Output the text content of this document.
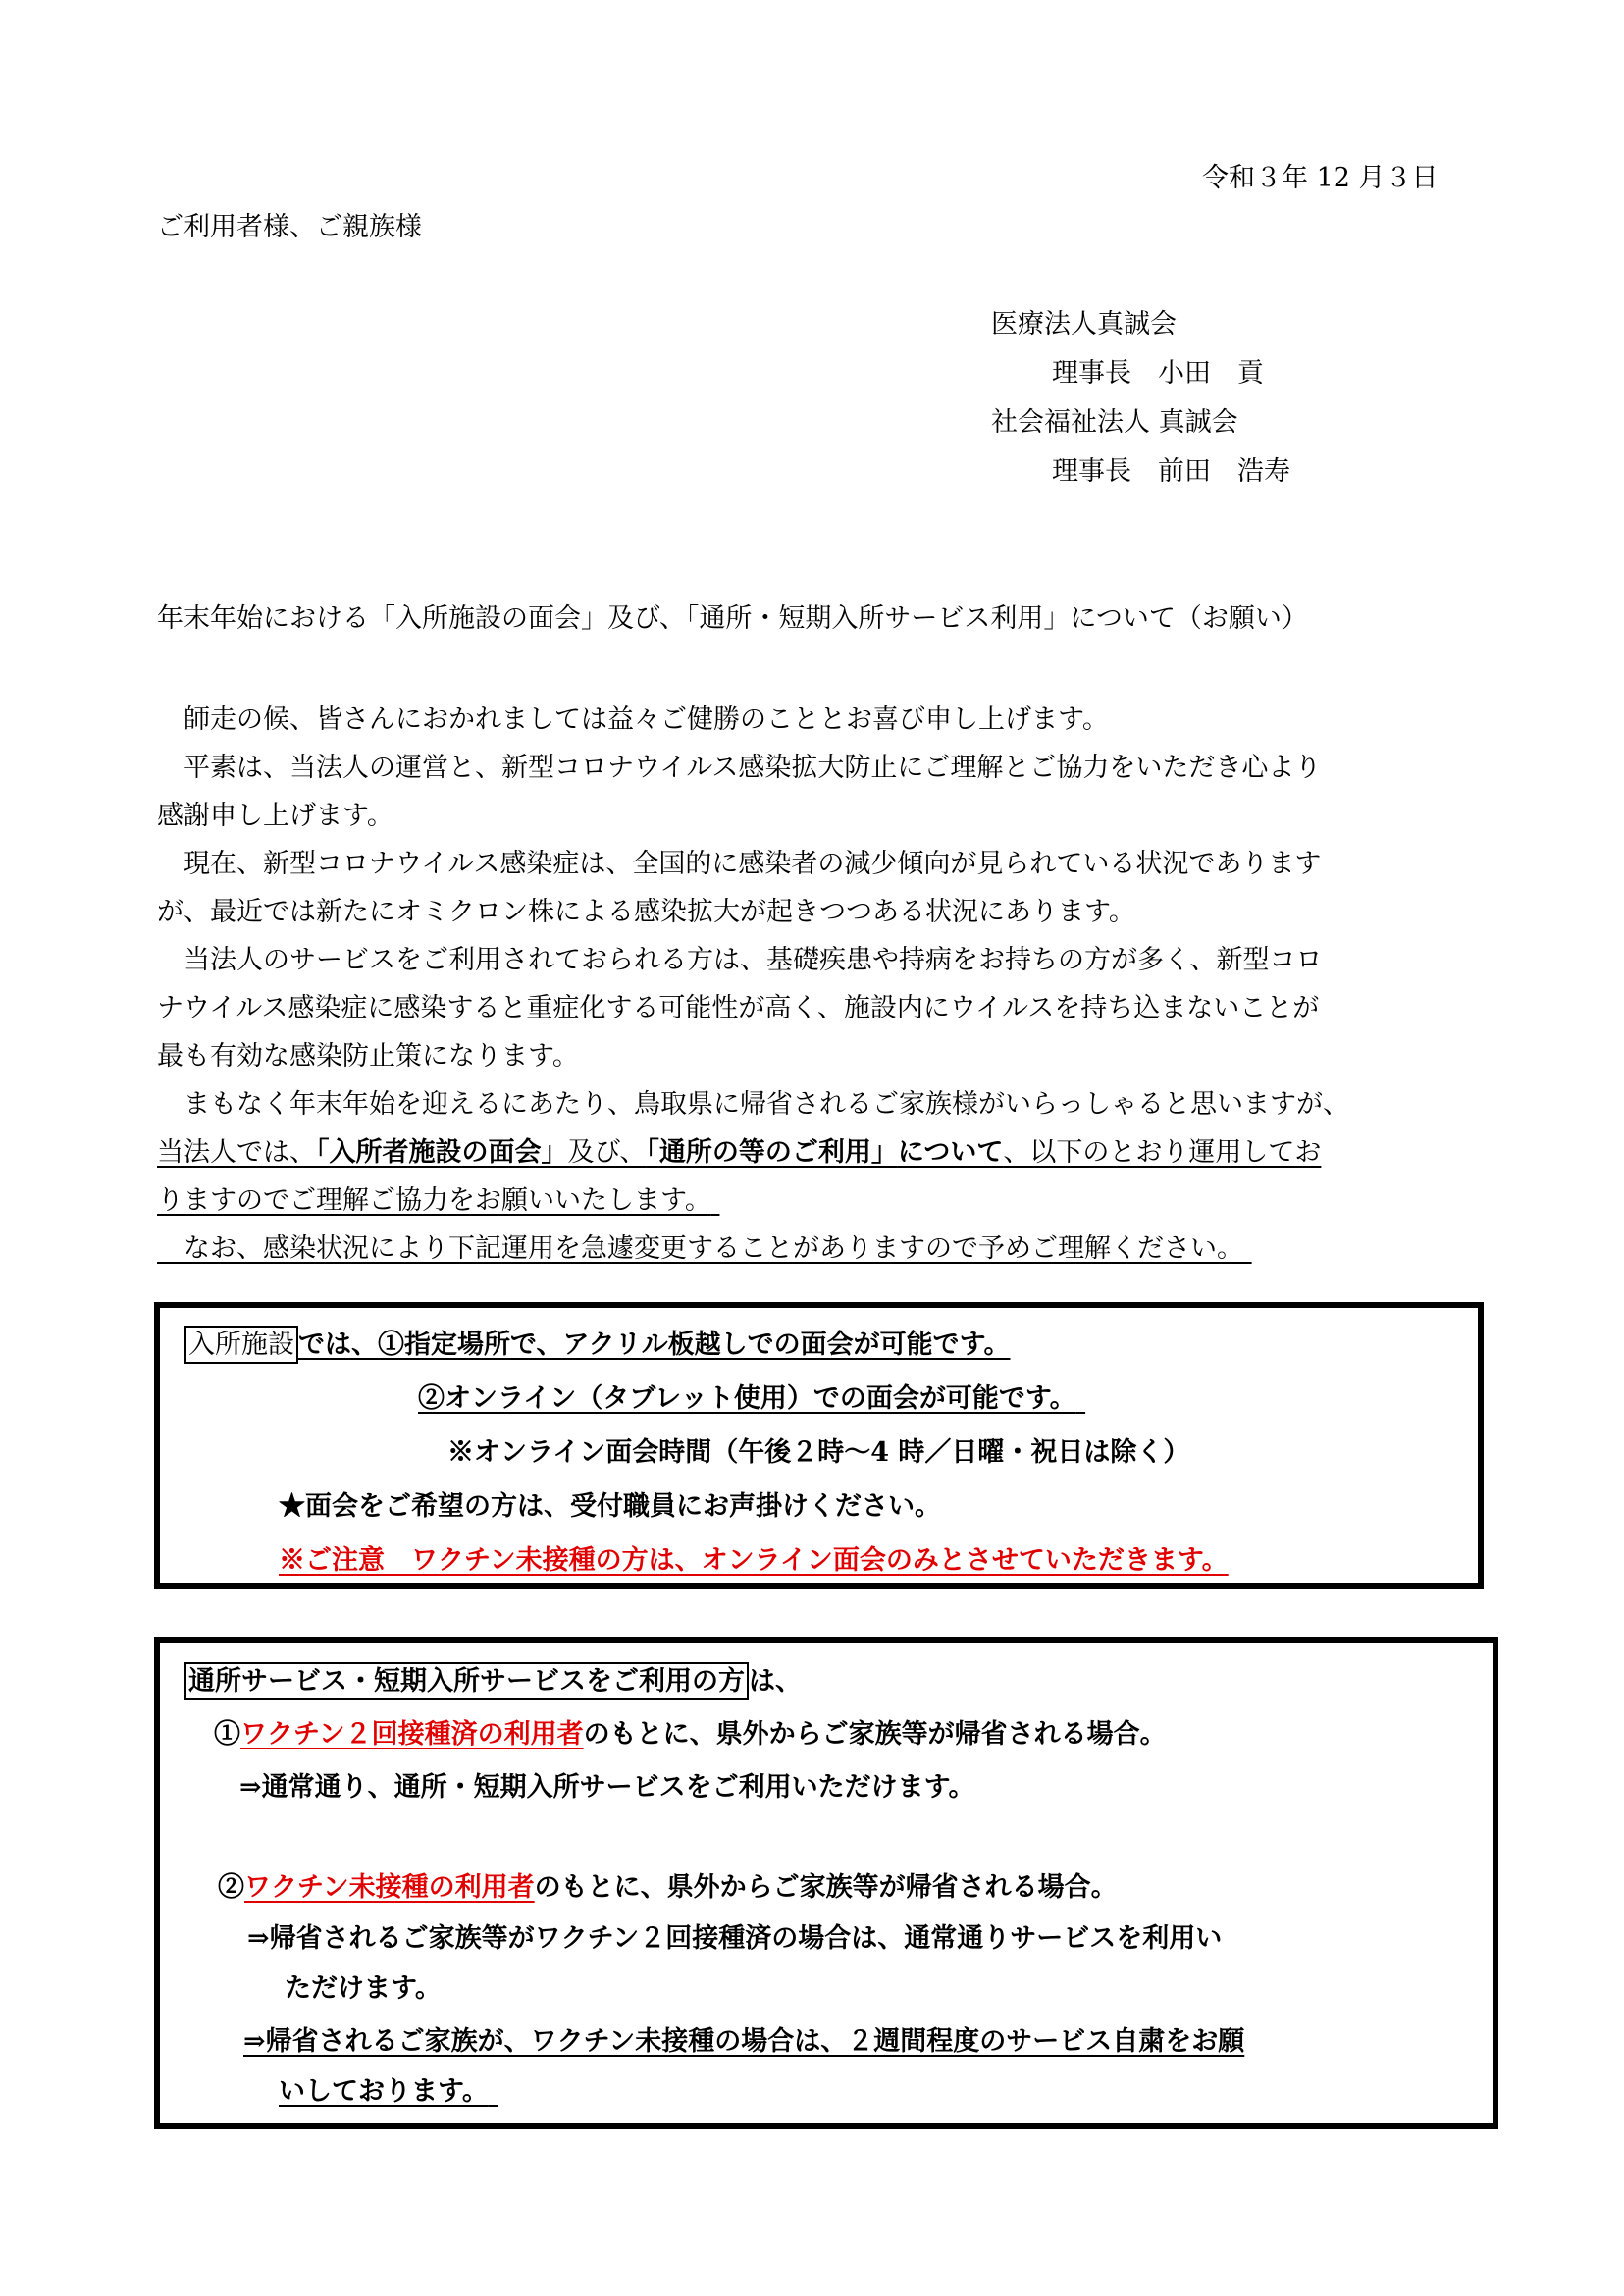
令和３年 12 月３日
ご利用者様、ご親族様
医療法人真誠会
理事長　小田　貢
社会福祉法人 真誠会
理事長　前田　浩寿
年末年始における「入所施設の面会」及び、「通所・短期入所サービス利用」について（お願い）

　師走の候、皆さんにおかれましては益々ご健勝のこととお喜び申し上げます。

　平素は、当法人の運営と、新型コロナウイルス感染拡大防止にご理解とご協力をいただき心より

感謝申し上げます。

　現在、新型コロナウイルス感染症は、全国的に感染者の減少傾向が見られている状況であります

が、最近では新たにオミクロン株による感染拡大が起きつつある状況にあります。

　当法人のサービスをご利用されておられる方は、基礎疾患や持病をお持ちの方が多く、新型コロ

ナウイルス感染症に感染すると重症化する可能性が高く、施設内にウイルスを持ち込まないことが

最も有効な感染防止策になります。

　まもなく年末年始を迎えるにあたり、鳥取県に帰省されるご家族様がいらっしゃると思いますが、

当法人では、「入所者施設の面会」及び、「通所の等のご利用」について、以下のとおり運用してお

りますのでご理解ご協力をお願いいたします。

　なお、感染状況により下記運用を急遽変更することがありますので予めご理解ください。

入所施設 では、①指定場所で、アクリル板越しでの面会が可能です。
②オンライン（タブレット使用）での面会が可能です。
※オンライン面会時間（午後２時～4 時／日曜・祝日は除く）
★面会をご希望の方は、受付職員にお声掛けください。
※ご注意　ワクチン未接種の方は、オンライン面会のみとさせていただきます。
通所サービス・短期入所サービスをご利用の方 は、
①ワクチン２回接種済の利用者のもとに、県外からご家族等が帰省される場合。
⇒通常通り、通所・短期入所サービスをご利用いただけます。
②ワクチン未接種の利用者のもとに、県外からご家族等が帰省される場合。
⇒帰省されるご家族等がワクチン２回接種済の場合は、通常通りサービスを利用い
ただけます。
⇒帰省されるご家族が、ワクチン未接種の場合は、２週間程度のサービス自粛をお願
いしております。
